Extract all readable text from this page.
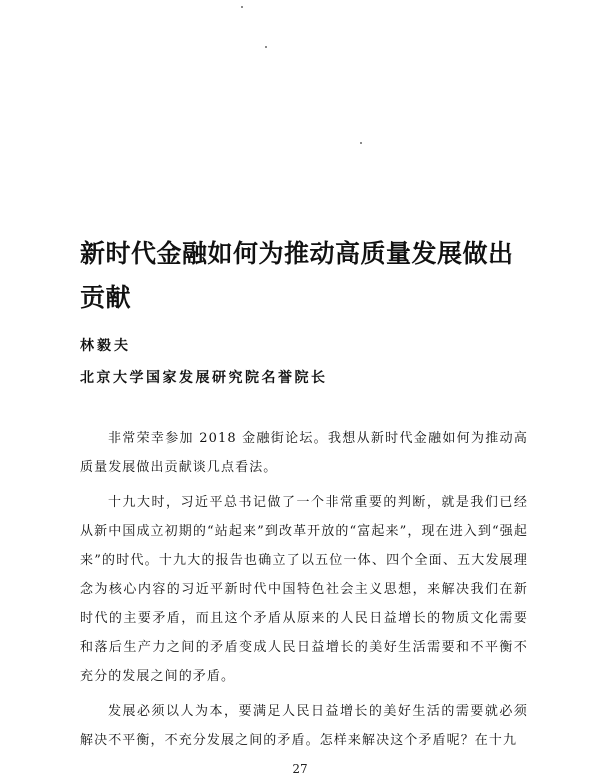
新时代金融如何为推动高质量发展做出贡献

林毅夫

北京大学国家发展研究院名誉院长

非常荣幸参加 2018 金融街论坛。我想从新时代金融如何为推动高质量发展做出贡献谈几点看法。

十九大时，习近平总书记做了一个非常重要的判断，就是我们已经从新中国成立初期的“站起来”到改革开放的“富起来”，现在进入到“强起来”的时代。十九大的报告也确立了以五位一体、四个全面、五大发展理念为核心内容的习近平新时代中国特色社会主义思想，来解决我们在新时代的主要矛盾，而且这个矛盾从原来的人民日益增长的物质文化需要和落后生产力之间的矛盾变成人民日益增长的美好生活需要和不平衡不充分的发展之间的矛盾。

发展必须以人为本，要满足人民日益增长的美好生活的需要就必须解决不平衡，不充分发展之间的矛盾。怎样来解决这个矛盾呢？在十九

27
